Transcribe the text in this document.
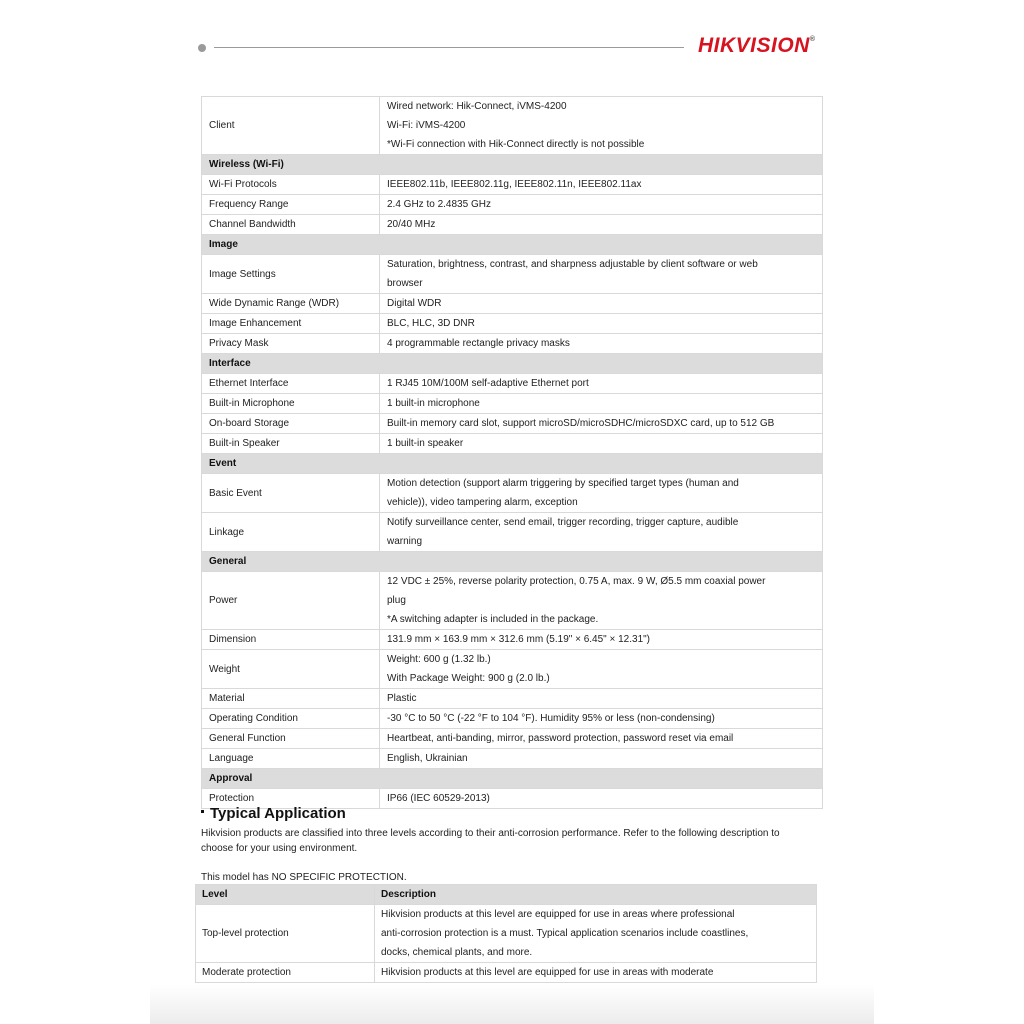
HIKVISION®
Client	Wired network: Hik-Connect, iVMS-4200
Wi-Fi: iVMS-4200
*Wi-Fi connection with Hik-Connect directly is not possible

Wireless (Wi-Fi)	
Wi-Fi Protocols	IEEE802.11b, IEEE802.11g, IEEE802.11n, IEEE802.11ax

Frequency Range	2.4 GHz to 2.4835 GHz

Channel Bandwidth	20/40 MHz

Image	
Image Settings	Saturation, brightness, contrast, and sharpness adjustable by client software or web
browser

Wide Dynamic Range (WDR)	Digital WDR

Image Enhancement	BLC, HLC, 3D DNR

Privacy Mask	4 programmable rectangle privacy masks

Interface	
Ethernet Interface	1 RJ45 10M/100M self-adaptive Ethernet port

Built-in Microphone	1 built-in microphone

On-board Storage	Built-in memory card slot, support microSD/microSDHC/microSDXC card, up to 512 GB

Built-in Speaker	1 built-in speaker

Event	
Basic Event	Motion detection (support alarm triggering by specified target types (human and
vehicle)), video tampering alarm, exception

Linkage	Notify surveillance center, send email, trigger recording, trigger capture, audible
warning

General	
Power	12 VDC ± 25%, reverse polarity protection, 0.75 A, max. 9 W, Ø5.5 mm coaxial power
plug
*A switching adapter is included in the package.

Dimension	131.9 mm × 163.9 mm × 312.6 mm (5.19" × 6.45" × 12.31")

Weight	Weight: 600 g (1.32 lb.)
With Package Weight: 900 g (2.0 lb.)

Material	Plastic

Operating Condition	-30 °C to 50 °C (-22 °F to 104 °F). Humidity 95% or less (non-condensing)

General Function	Heartbeat, anti-banding, mirror, password protection, password reset via email

Language	English, Ukrainian

Approval	
Protection	IP66 (IEC 60529-2013)
Typical Application
Hikvision products are classified into three levels according to their anti-corrosion performance. Refer to the following description to choose for your using environment.
This model has NO SPECIFIC PROTECTION.
Level	Description
Top-level protection	Hikvision products at this level are equipped for use in areas where professional
anti-corrosion protection is a must. Typical application scenarios include coastlines,
docks, chemical plants, and more.

Moderate protection	Hikvision products at this level are equipped for use in areas with moderate
